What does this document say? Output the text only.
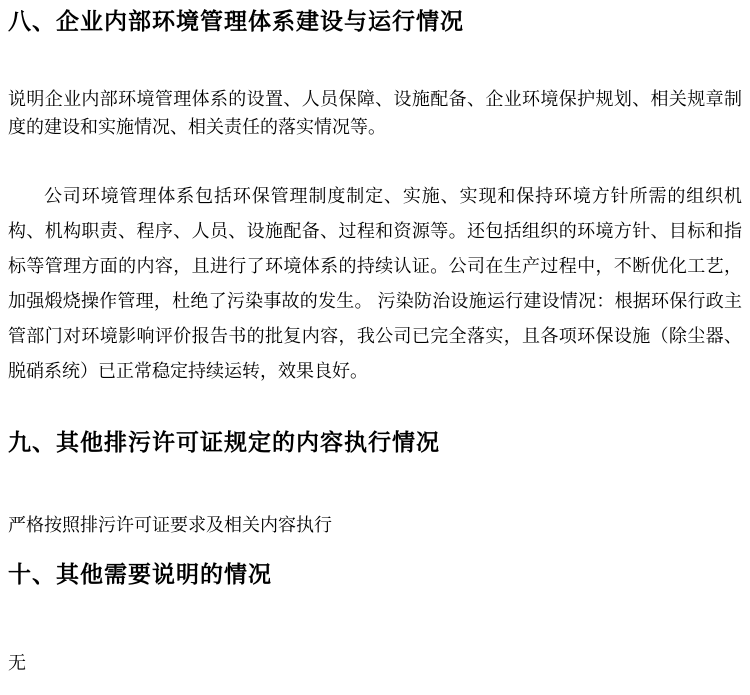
八、企业内部环境管理体系建设与运行情况

说明企业内部环境管理体系的设置、人员保障、设施配备、企业环境保护规划、相关规章制度的建设和实施情况、相关责任的落实情况等。

公司环境管理体系包括环保管理制度制定、实施、实现和保持环境方针所需的组织机构、机构职责、程序、人员、设施配备、过程和资源等。还包括组织的环境方针、目标和指标等管理方面的内容，且进行了环境体系的持续认证。公司在生产过程中，不断优化工艺，加强煅烧操作管理，杜绝了污染事故的发生。 污染防治设施运行建设情况：根据环保行政主管部门对环境影响评价报告书的批复内容，我公司已完全落实，且各项环保设施（除尘器、脱硝系统）已正常稳定持续运转，效果良好。

九、其他排污许可证规定的内容执行情况

严格按照排污许可证要求及相关内容执行

十、其他需要说明的情况

无
